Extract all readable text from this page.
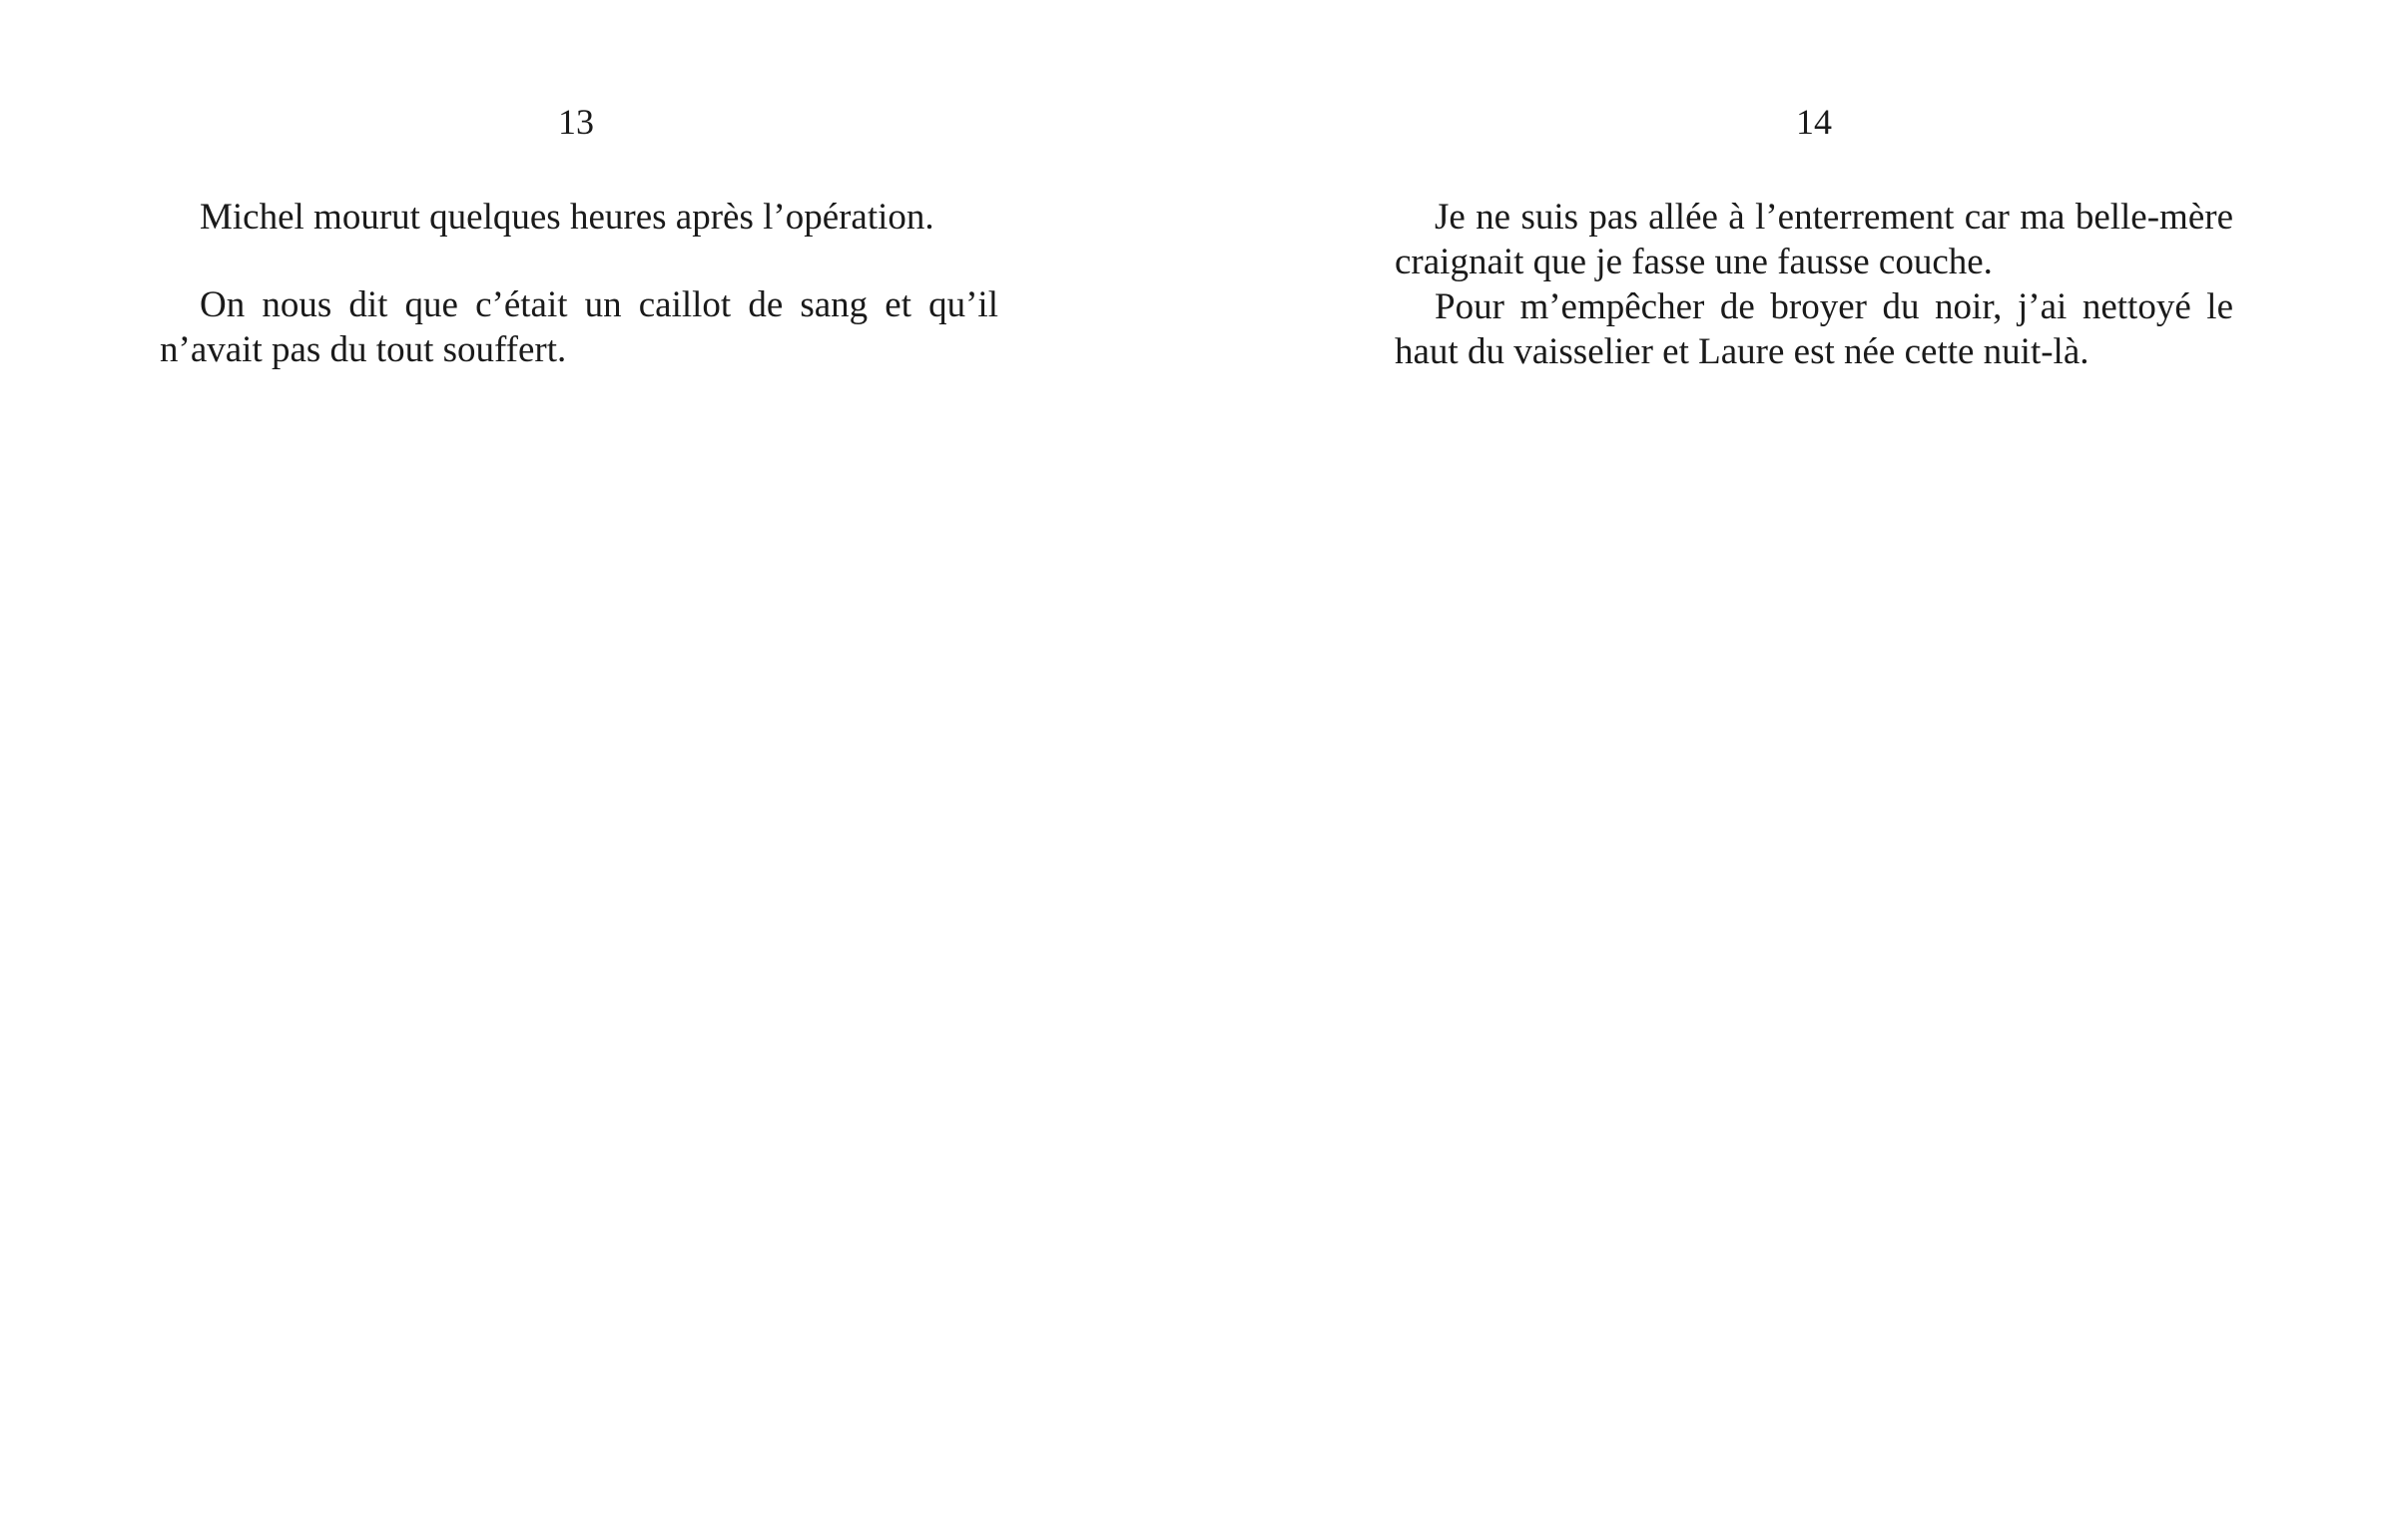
13

Michel mourut quelques heures après l’opération.

On nous dit que c’était un caillot de sang et qu’il n’avait pas du tout souffert.

14

Je ne suis pas allée à l’enterrement car ma belle-mère craignait que je fasse une fausse couche.

Pour m’empêcher de broyer du noir, j’ai nettoyé le haut du vaisselier et Laure est née cette nuit-là.
